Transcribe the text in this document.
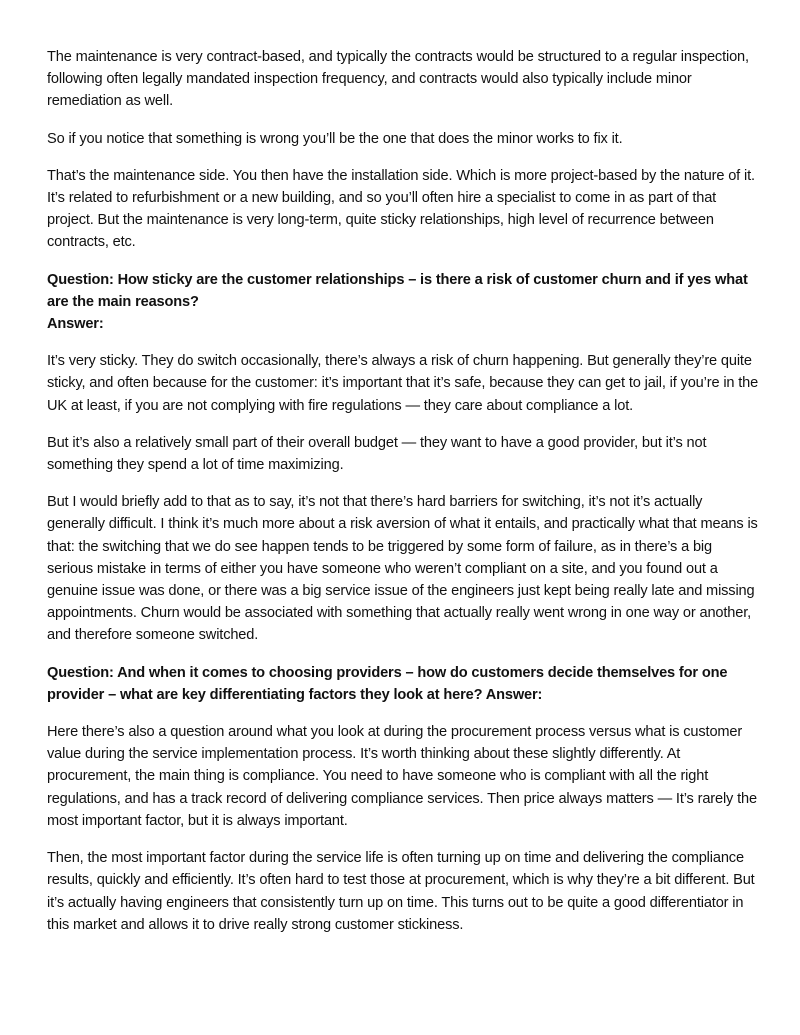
The maintenance is very contract-based, and typically the contracts would be structured to a regular inspection, following often legally mandated inspection frequency, and contracts would also typically include minor remediation as well.

So if you notice that something is wrong you’ll be the one that does the minor works to fix it.

That’s the maintenance side. You then have the installation side. Which is more project-based by the nature of it. It’s related to refurbishment or a new building, and so you’ll often hire a specialist to come in as part of that project. But the maintenance is very long-term, quite sticky relationships, high level of recurrence between contracts, etc.

Question: How sticky are the customer relationships – is there a risk of customer churn and if yes what are the main reasons?
Answer:

It’s very sticky. They do switch occasionally, there’s always a risk of churn happening. But generally they’re quite sticky, and often because for the customer: it’s important that it’s safe, because they can get to jail, if you’re in the UK at least, if you are not complying with fire regulations — they care about compliance a lot.

But it’s also a relatively small part of their overall budget — they want to have a good provider, but it’s not something they spend a lot of time maximizing.

But I would briefly add to that as to say, it’s not that there’s hard barriers for switching, it’s not it’s actually generally difficult. I think it’s much more about a risk aversion of what it entails, and practically what that means is that: the switching that we do see happen tends to be triggered by some form of failure, as in there’s a big serious mistake in terms of either you have someone who weren’t compliant on a site, and you found out a genuine issue was done, or there was a big service issue of the engineers just kept being really late and missing appointments. Churn would be associated with something that actually really went wrong in one way or another, and therefore someone switched.

Question: And when it comes to choosing providers – how do customers decide themselves for one provider – what are key differentiating factors they look at here? Answer:

Here there’s also a question around what you look at during the procurement process versus what is customer value during the service implementation process. It’s worth thinking about these slightly differently. At procurement, the main thing is compliance. You need to have someone who is compliant with all the right regulations, and has a track record of delivering compliance services. Then price always matters — It’s rarely the most important factor, but it is always important.

Then, the most important factor during the service life is often turning up on time and delivering the compliance results, quickly and efficiently. It’s often hard to test those at procurement, which is why they’re a bit different. But it’s actually having engineers that consistently turn up on time. This turns out to be quite a good differentiator in this market and allows it to drive really strong customer stickiness.
